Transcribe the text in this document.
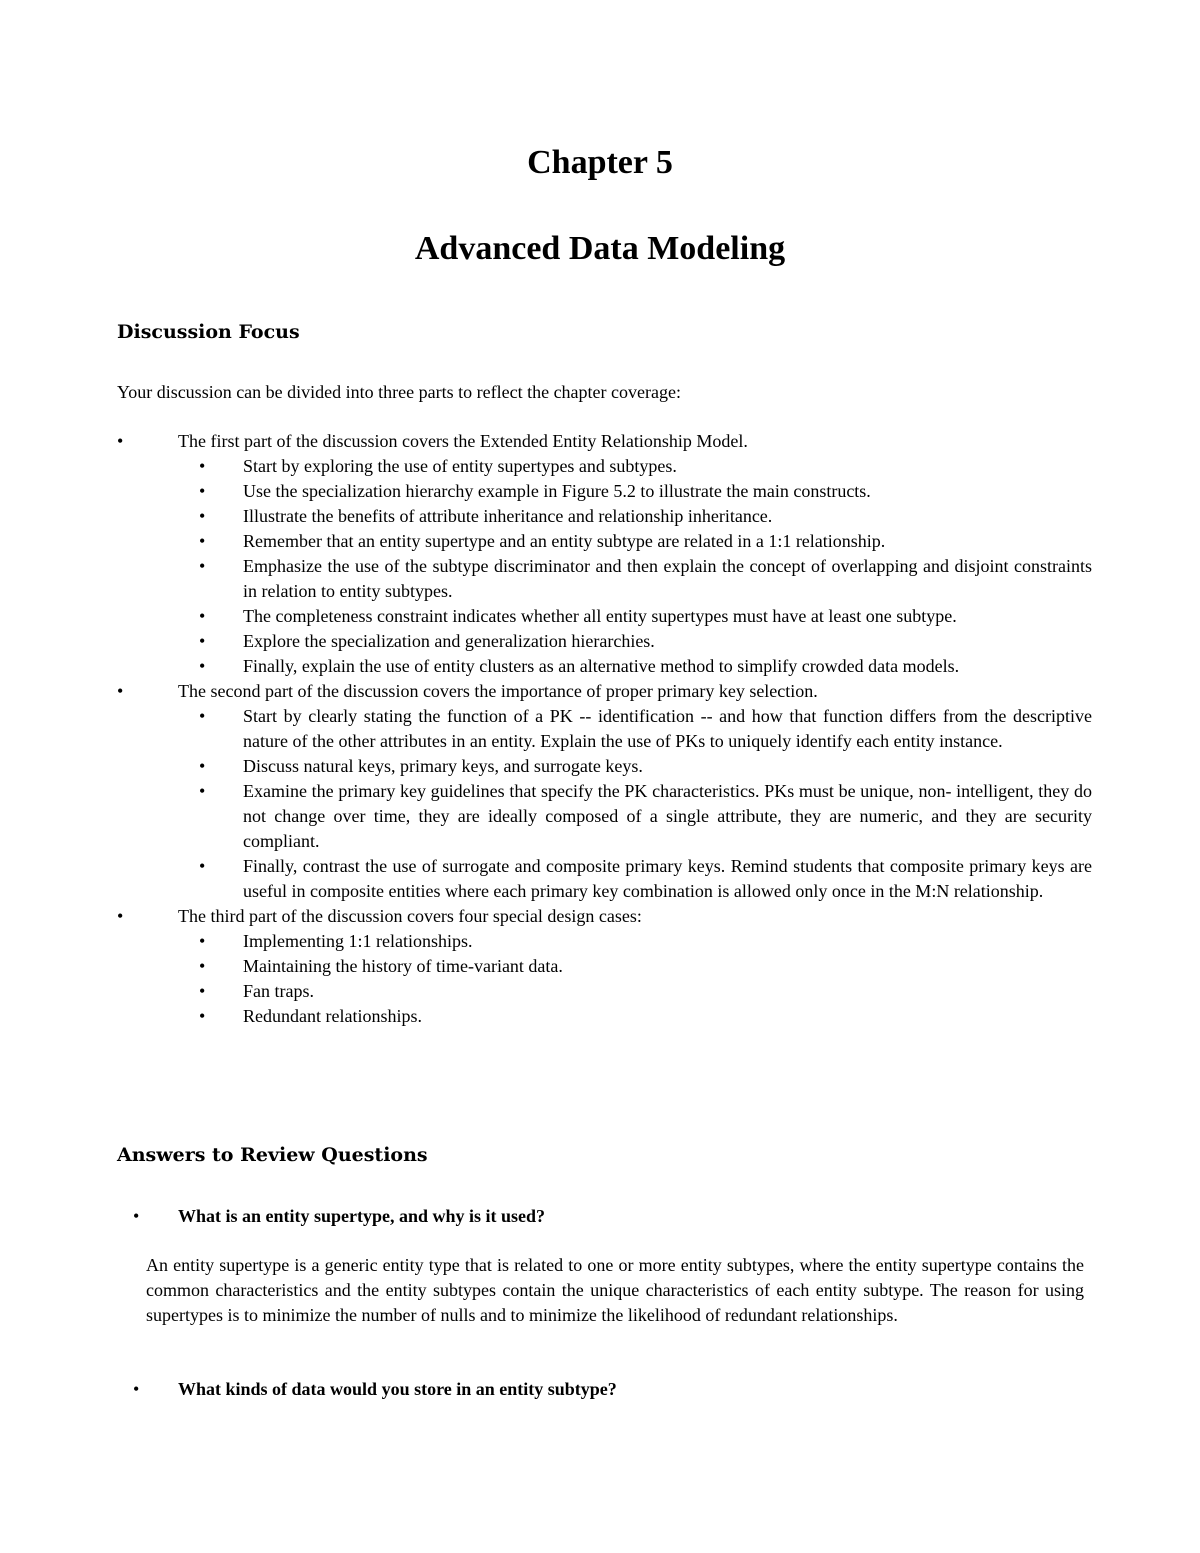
Chapter 5
Advanced Data Modeling
Discussion Focus

Your discussion can be divided into three parts to reflect the chapter coverage:

•	The first part of the discussion covers the Extended Entity Relationship Model.
• Start by exploring the use of entity supertypes and subtypes.
• Use the specialization hierarchy example in Figure 5.2 to illustrate the main constructs.
• Illustrate the benefits of attribute inheritance and relationship inheritance.
• Remember that an entity supertype and an entity subtype are related in a 1:1 relationship.
• Emphasize the use of the subtype discriminator and then explain the concept of overlapping and disjoint constraints in relation to entity subtypes.
• The completeness constraint indicates whether all entity supertypes must have at least one subtype.
• Explore the specialization and generalization hierarchies.
• Finally, explain the use of entity clusters as an alternative method to simplify crowded data models.
•	The second part of the discussion covers the importance of proper primary key selection.
• Start by clearly stating the function of a PK -- identification -- and how that function differs from the descriptive nature of the other attributes in an entity. Explain the use of PKs to uniquely identify each entity instance.
• Discuss natural keys, primary keys, and surrogate keys.
• Examine the primary key guidelines that specify the PK characteristics. PKs must be unique, non- intelligent, they do not change over time, they are ideally composed of a single attribute, they are numeric, and they are security compliant.
• Finally, contrast the use of surrogate and composite primary keys. Remind students that composite primary keys are useful in composite entities where each primary key combination is allowed only once in the M:N relationship.
•	The third part of the discussion covers four special design cases:
• Implementing 1:1 relationships.
• Maintaining the history of time-variant data.
• Fan traps.
• Redundant relationships.
Answers to Review Questions
• What is an entity supertype, and why is it used?

An entity supertype is a generic entity type that is related to one or more entity subtypes, where the entity supertype contains the common characteristics and the entity subtypes contain the unique characteristics of each entity subtype. The reason for using supertypes is to minimize the number of nulls and to minimize the likelihood of redundant relationships.

• What kinds of data would you store in an entity subtype?
